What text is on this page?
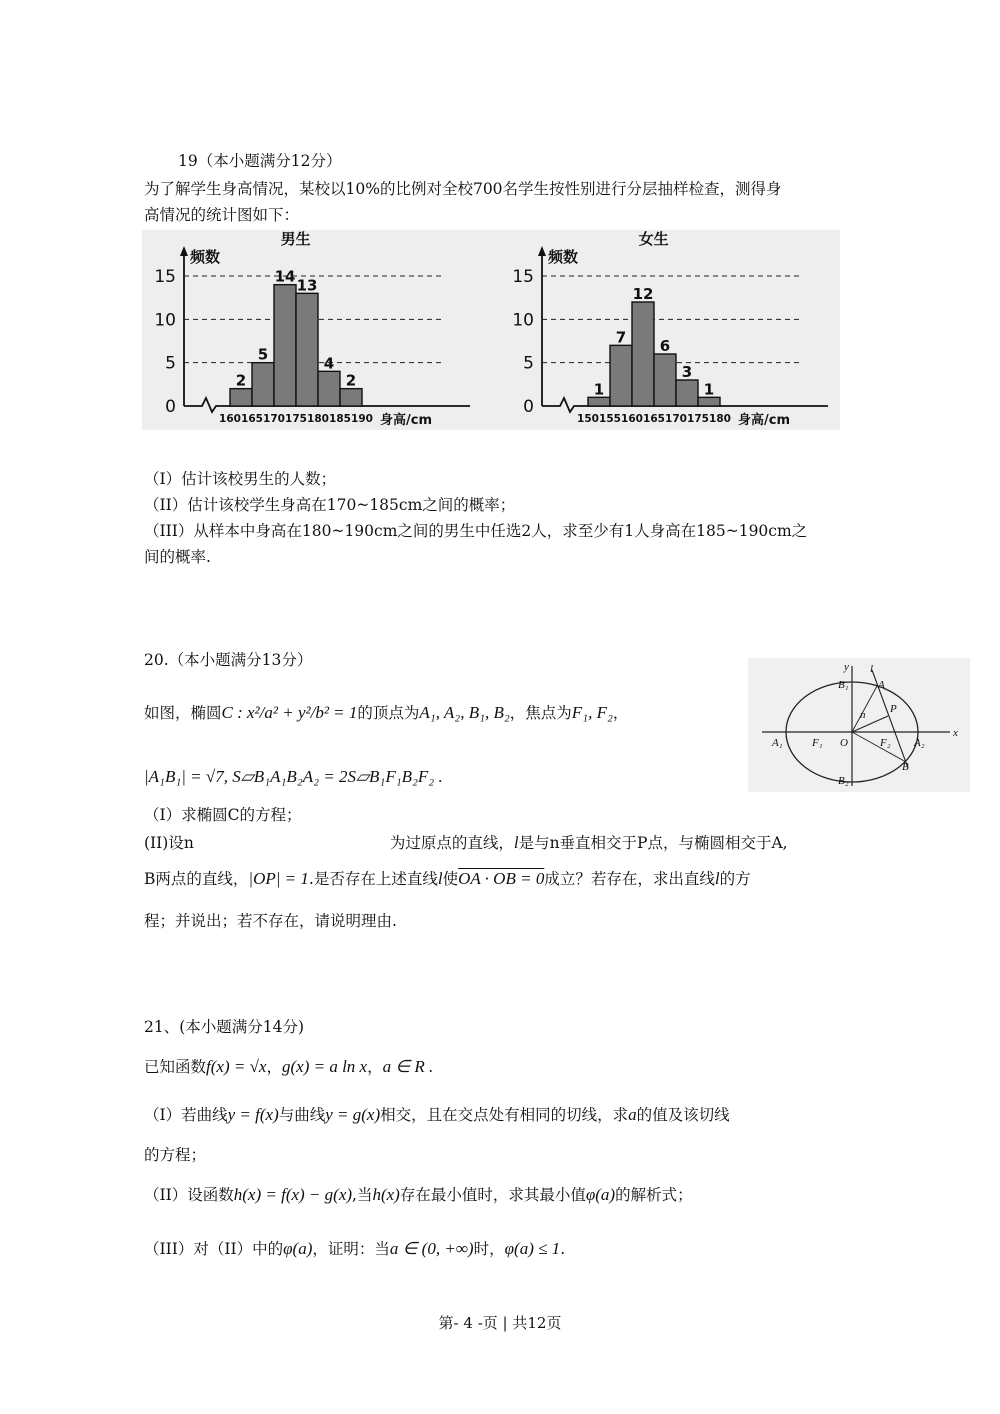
19（本小题满分12分）
为了解学生身高情况，某校以10%的比例对全校700名学生按性别进行分层抽样检查，测得身
高情况的统计图如下：
0
5
10
15
2
5
14 13
4
2
160 165 170 175 180 185 190
频数
男生
身高/cm
0
5
10
15
1
7
12
6
3
1
150 155 160 165 170 175 180
频数
女生
身高/cm
（I）估计该校男生的人数；
（II）估计该校学生身高在170~185cm之间的概率；
（III）从样本中身高在180~190cm之间的男生中任选2人，求至少有1人身高在185~190cm之
间的概率.
20.（本小题满分13分）
如图，椭圆C : x²/a² + y²/b² = 1的顶点为A₁, A₂, B₁, B₂，焦点为F₁, F₂，
|A₁B₁| = √7, S▱B₁A₁B₂A₂ = 2S▱B₁F₁B₂F₂ .
（I）求椭圆C的方程；
(II)设n	为过原点的直线，l是与n垂直相交于P点，与椭圆相交于A,
B两点的直线，|OP| = 1.是否存在上述直线l使OA · OB = 0成立？若存在，求出直线l的方
程；并说出；若不存在，请说明理由.
y
x
l
n
B₁
B₂
A
P
A₁	F₁ O	F₂ A₂
B
21、(本小题满分14分)
已知函数f(x) = √x，g(x) = a ln x，a ∈ R .
（I）若曲线y = f(x)与曲线y = g(x)相交，且在交点处有相同的切线，求a的值及该切线
的方程；
（II）设函数h(x) = f(x) − g(x),当h(x)存在最小值时，求其最小值φ(a)的解析式；
（III）对（II）中的φ(a)，证明：当a ∈ (0, +∞)时，φ(a) ≤ 1.
第- 4 -页 | 共12页
